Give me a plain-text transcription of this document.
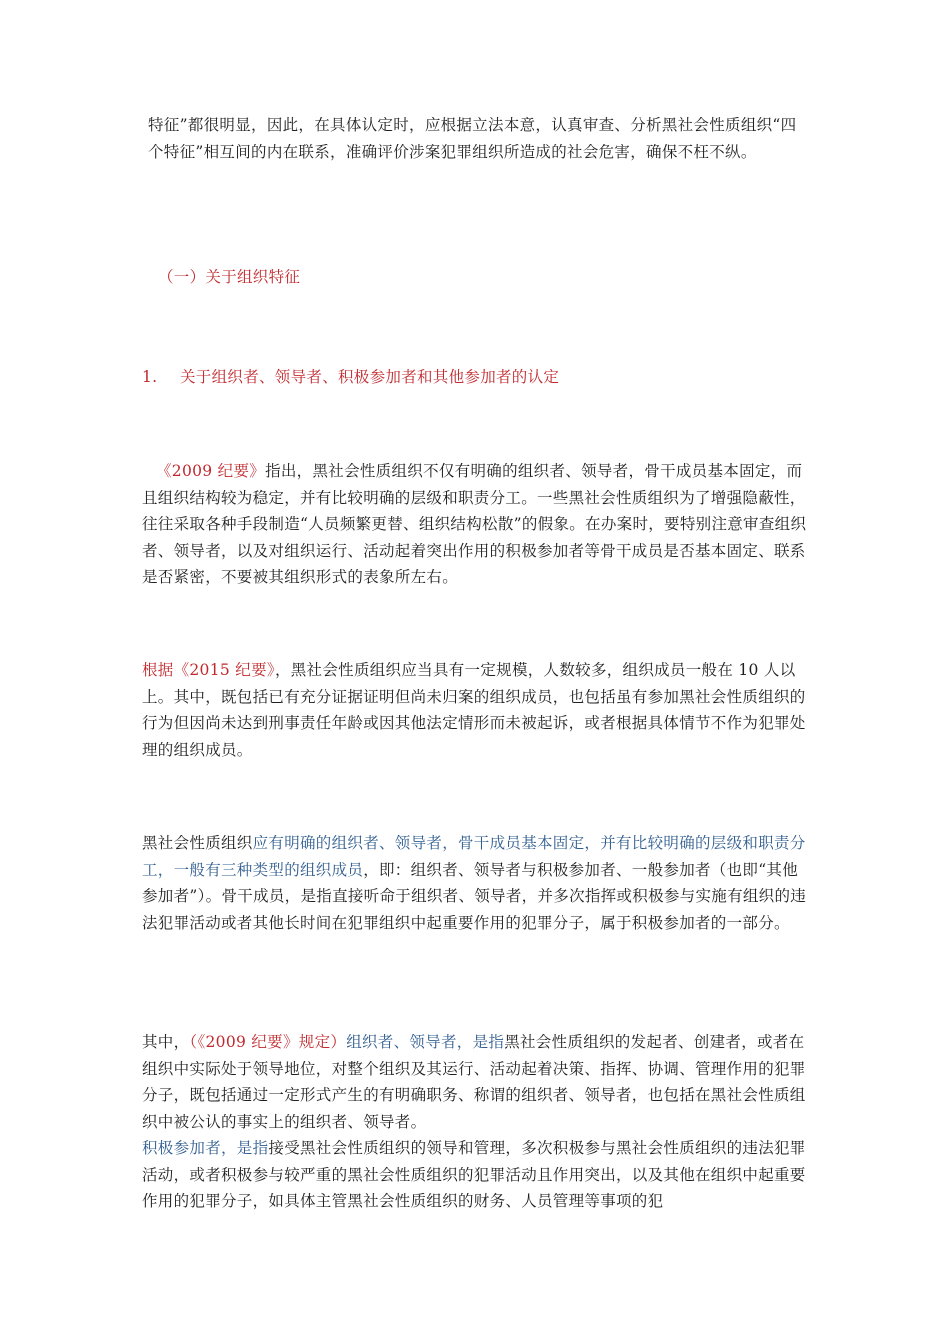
特征”都很明显，因此，在具体认定时，应根据立法本意，认真审查、分析黑社会性质组织“四个特征”相互间的内在联系，准确评价涉案犯罪组织所造成的社会危害，确保不枉不纵。
（一）关于组织特征
1. 关于组织者、领导者、积极参加者和其他参加者的认定
《2009 纪要》指出，黑社会性质组织不仅有明确的组织者、领导者，骨干成员基本固定，而且组织结构较为稳定，并有比较明确的层级和职责分工。一些黑社会性质组织为了增强隐蔽性，往往采取各种手段制造“人员频繁更替、组织结构松散”的假象。在办案时，要特别注意审查组织者、领导者，以及对组织运行、活动起着突出作用的积极参加者等骨干成员是否基本固定、联系是否紧密，不要被其组织形式的表象所左右。
根据《2015 纪要》，黑社会性质组织应当具有一定规模，人数较多，组织成员一般在 10 人以上。其中，既包括已有充分证据证明但尚未归案的组织成员，也包括虽有参加黑社会性质组织的行为但因尚未达到刑事责任年龄或因其他法定情形而未被起诉，或者根据具体情节不作为犯罪处理的组织成员。
黑社会性质组织应有明确的组织者、领导者，骨干成员基本固定，并有比较明确的层级和职责分工，一般有三种类型的组织成员，即：组织者、领导者与积极参加者、一般参加者（也即“其他参加者”）。骨干成员，是指直接听命于组织者、领导者，并多次指挥或积极参与实施有组织的违法犯罪活动或者其他长时间在犯罪组织中起重要作用的犯罪分子，属于积极参加者的一部分。
其中，（《2009 纪要》规定）组织者、领导者，是指黑社会性质组织的发起者、创建者，或者在组织中实际处于领导地位，对整个组织及其运行、活动起着决策、指挥、协调、管理作用的犯罪分子，既包括通过一定形式产生的有明确职务、称谓的组织者、领导者，也包括在黑社会性质组织中被公认的事实上的组织者、领导者。
积极参加者，是指接受黑社会性质组织的领导和管理，多次积极参与黑社会性质组织的违法犯罪活动，或者积极参与较严重的黑社会性质组织的犯罪活动且作用突出，以及其他在组织中起重要作用的犯罪分子，如具体主管黑社会性质组织的财务、人员管理等事项的犯
